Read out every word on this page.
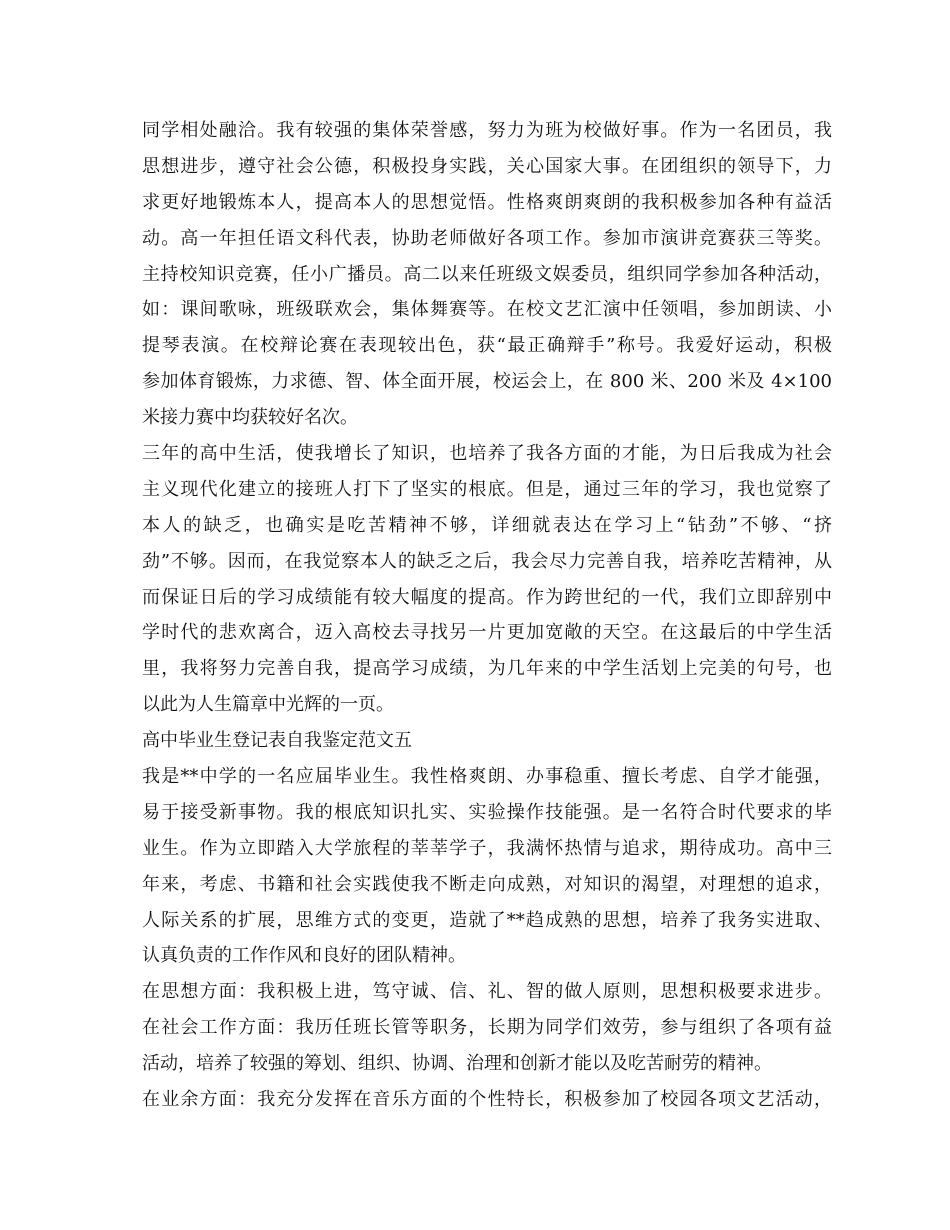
同学相处融洽。我有较强的集体荣誉感，努力为班为校做好事。作为一名团员，我
思想进步，遵守社会公德，积极投身实践，关心国家大事。在团组织的领导下，力
求更好地锻炼本人，提高本人的思想觉悟。性格爽朗爽朗的我积极参加各种有益活
动。高一年担任语文科代表，协助老师做好各项工作。参加市演讲竞赛获三等奖。
主持校知识竞赛，任小广播员。高二以来任班级文娱委员，组织同学参加各种活动，
如：课间歌咏，班级联欢会，集体舞赛等。在校文艺汇演中任领唱，参加朗读、小
提琴表演。在校辩论赛在表现较出色，获“最正确辩手”称号。我爱好运动，积极
参加体育锻炼，力求德、智、体全面开展，校运会上，在 800 米、200 米及 4×100
米接力赛中均获较好名次。
三年的高中生活，使我增长了知识，也培养了我各方面的才能，为日后我成为社会
主义现代化建立的接班人打下了坚实的根底。但是，通过三年的学习，我也觉察了
本人的缺乏，也确实是吃苦精神不够，详细就表达在学习上“钻劲”不够、“挤
劲”不够。因而，在我觉察本人的缺乏之后，我会尽力完善自我，培养吃苦精神，从
而保证日后的学习成绩能有较大幅度的提高。作为跨世纪的一代，我们立即辞别中
学时代的悲欢离合，迈入高校去寻找另一片更加宽敞的天空。在这最后的中学生活
里，我将努力完善自我，提高学习成绩，为几年来的中学生活划上完美的句号，也
以此为人生篇章中光辉的一页。
高中毕业生登记表自我鉴定范文五
我是**中学的一名应届毕业生。我性格爽朗、办事稳重、擅长考虑、自学才能强，
易于接受新事物。我的根底知识扎实、实验操作技能强。是一名符合时代要求的毕
业生。作为立即踏入大学旅程的莘莘学子，我满怀热情与追求，期待成功。高中三
年来，考虑、书籍和社会实践使我不断走向成熟，对知识的渴望，对理想的追求，
人际关系的扩展，思维方式的变更，造就了**趋成熟的思想，培养了我务实进取、
认真负责的工作作风和良好的团队精神。
在思想方面：我积极上进，笃守诚、信、礼、智的做人原则，思想积极要求进步。
在社会工作方面：我历任班长管等职务，长期为同学们效劳，参与组织了各项有益
活动，培养了较强的筹划、组织、协调、治理和创新才能以及吃苦耐劳的精神。
在业余方面：我充分发挥在音乐方面的个性特长，积极参加了校园各项文艺活动，
